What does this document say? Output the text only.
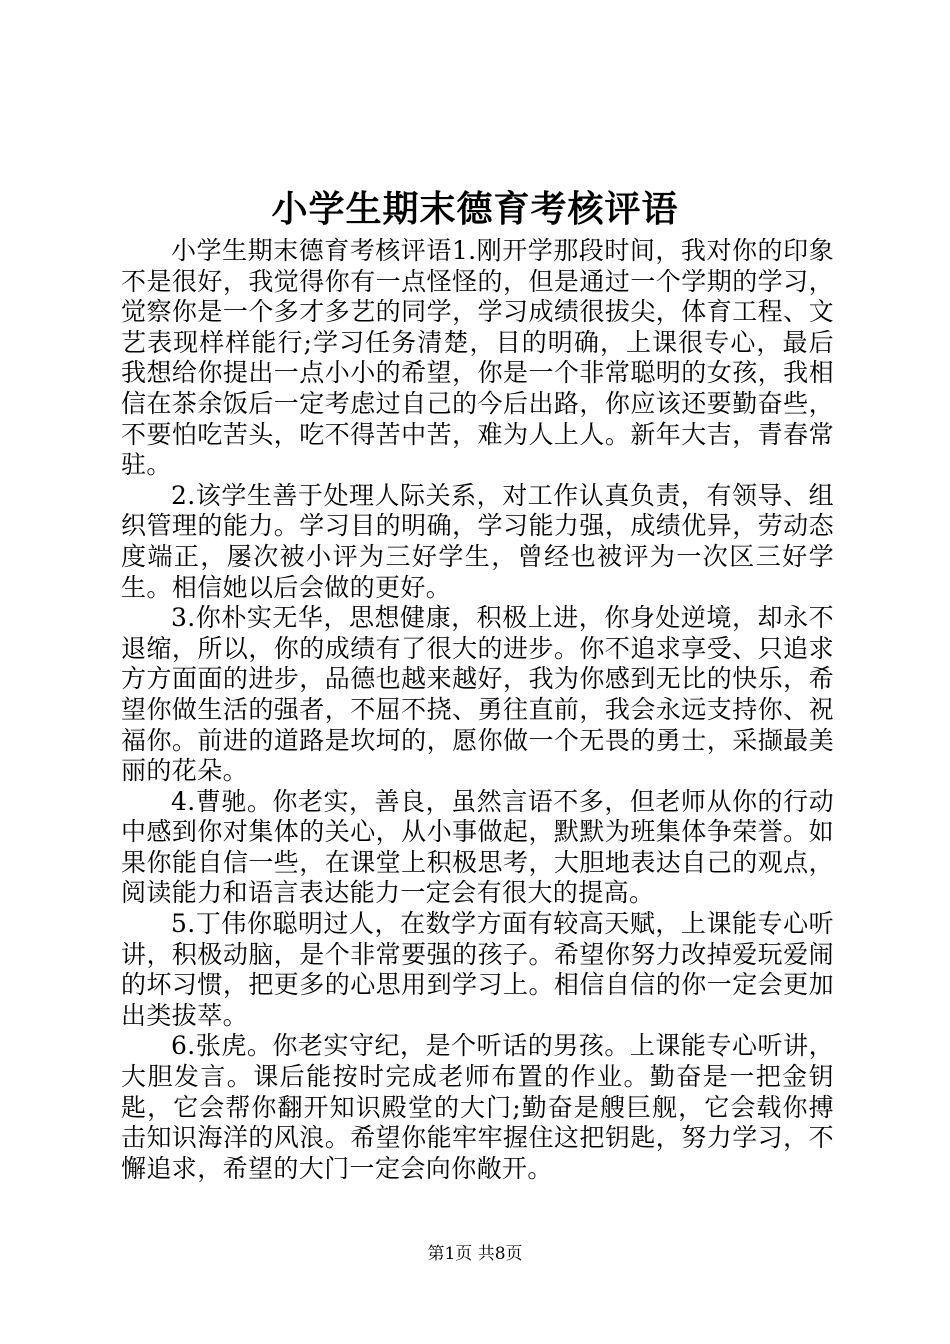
小学生期末德育考核评语

小学生期末德育考核评语1.刚开学那段时间，我对你的印象不是很好，我觉得你有一点怪怪的，但是通过一个学期的学习，觉察你是一个多才多艺的同学，学习成绩很拔尖，体育工程、文艺表现样样能行;学习任务清楚，目的明确，上课很专心，最后我想给你提出一点小小的希望，你是一个非常聪明的女孩，我相信在茶余饭后一定考虑过自己的今后出路，你应该还要勤奋些，不要怕吃苦头，吃不得苦中苦，难为人上人。新年大吉，青春常驻。

2.该学生善于处理人际关系，对工作认真负责，有领导、组织管理的能力。学习目的明确，学习能力强，成绩优异，劳动态度端正，屡次被小评为三好学生，曾经也被评为一次区三好学生。相信她以后会做的更好。

3.你朴实无华，思想健康，积极上进，你身处逆境，却永不退缩，所以，你的成绩有了很大的进步。你不追求享受、只追求方方面面的进步，品德也越来越好，我为你感到无比的快乐，希望你做生活的强者，不屈不挠、勇往直前，我会永远支持你、祝福你。前进的道路是坎坷的，愿你做一个无畏的勇士，采撷最美丽的花朵。

4.曹驰。你老实，善良，虽然言语不多，但老师从你的行动中感到你对集体的关心，从小事做起，默默为班集体争荣誉。如果你能自信一些，在课堂上积极思考，大胆地表达自己的观点，阅读能力和语言表达能力一定会有很大的提高。

5.丁伟你聪明过人，在数学方面有较高天赋，上课能专心听讲，积极动脑，是个非常要强的孩子。希望你努力改掉爱玩爱闹的坏习惯，把更多的心思用到学习上。相信自信的你一定会更加出类拔萃。

6.张虎。你老实守纪，是个听话的男孩。上课能专心听讲，大胆发言。课后能按时完成老师布置的作业。勤奋是一把金钥匙，它会帮你翻开知识殿堂的大门;勤奋是艘巨舰，它会载你搏击知识海洋的风浪。希望你能牢牢握住这把钥匙，努力学习，不懈追求，希望的大门一定会向你敞开。

第1页 共8页
